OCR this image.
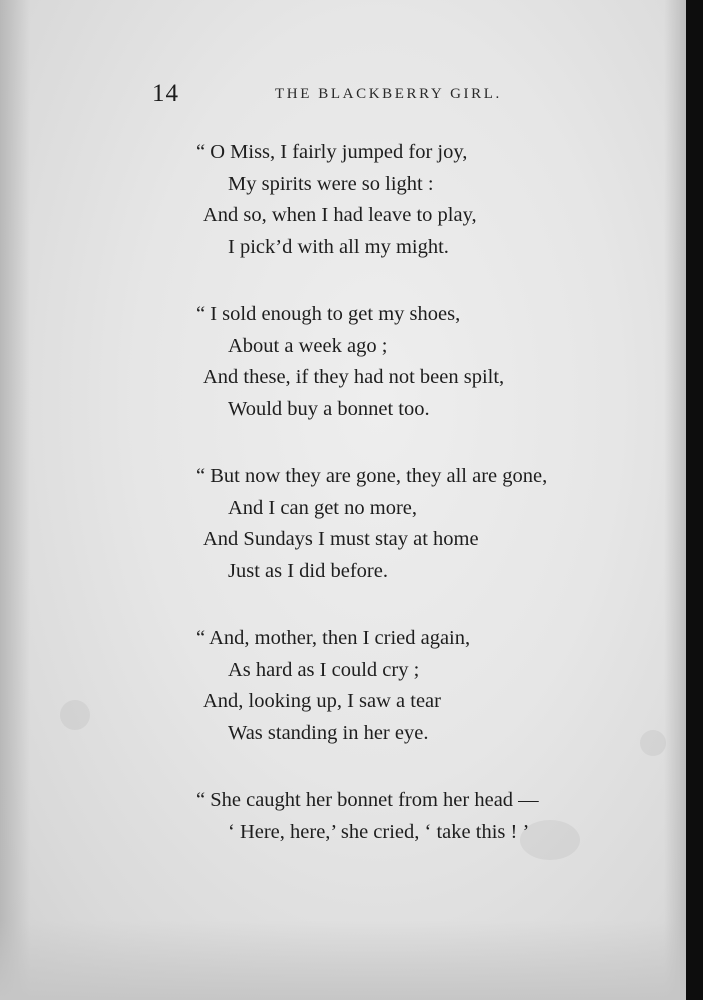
14	THE BLACKBERRY GIRL.
“ O Miss, I fairly jumped for joy,
My spirits were so light :
And so, when I had leave to play,
I pick’d with all my might.
“ I sold enough to get my shoes,
About a week ago ;
And these, if they had not been spilt,
Would buy a bonnet too.
“ But now they are gone, they all are gone,
And I can get no more,
And Sundays I must stay at home
Just as I did before.
“ And, mother, then I cried again,
As hard as I could cry ;
And, looking up, I saw a tear
Was standing in her eye.
“ She caught her bonnet from her head —
‘ Here, here,’ she cried, ‘ take this ! ’
